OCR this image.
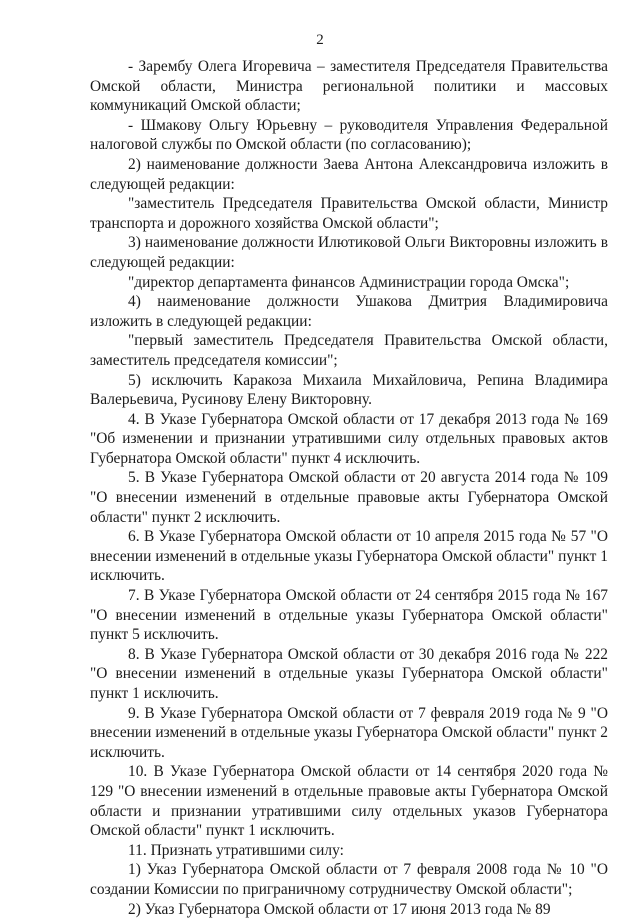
2

- Зарембу Олега Игоревича – заместителя Председателя Правительства Омской области, Министра региональной политики и массовых коммуникаций Омской области;

- Шмакову Ольгу Юрьевну – руководителя Управления Федеральной налоговой службы по Омской области (по согласованию);

2) наименование должности Заева Антона Александровича изложить в следующей редакции:

"заместитель Председателя Правительства Омской области, Министр транспорта и дорожного хозяйства Омской области";

3) наименование должности Илютиковой Ольги Викторовны изложить в следующей редакции:

"директор департамента финансов Администрации города Омска";

4) наименование должности Ушакова Дмитрия Владимировича изложить в следующей редакции:

"первый заместитель Председателя Правительства Омской области, заместитель председателя комиссии";

5) исключить Каракоза Михаила Михайловича, Репина Владимира Валерьевича, Русинову Елену Викторовну.

4. В Указе Губернатора Омской области от 17 декабря 2013 года № 169 "Об изменении и признании утратившими силу отдельных правовых актов Губернатора Омской области" пункт 4 исключить.

5. В Указе Губернатора Омской области от 20 августа 2014 года № 109 "О внесении изменений в отдельные правовые акты Губернатора Омской области" пункт 2 исключить.

6. В Указе Губернатора Омской области от 10 апреля 2015 года № 57 "О внесении изменений в отдельные указы Губернатора Омской области" пункт 1 исключить.

7. В Указе Губернатора Омской области от 24 сентября 2015 года № 167 "О внесении изменений в отдельные указы Губернатора Омской области" пункт 5 исключить.

8. В Указе Губернатора Омской области от 30 декабря 2016 года № 222 "О внесении изменений в отдельные указы Губернатора Омской области" пункт 1 исключить.

9. В Указе Губернатора Омской области от 7 февраля 2019 года № 9 "О внесении изменений в отдельные указы Губернатора Омской области" пункт 2 исключить.

10. В Указе Губернатора Омской области от 14 сентября 2020 года № 129 "О внесении изменений в отдельные правовые акты Губернатора Омской области и признании утратившими силу отдельных указов Губернатора Омской области" пункт 1 исключить.

11. Признать утратившими силу:

1) Указ Губернатора Омской области от 7 февраля 2008 года № 10 "О создании Комиссии по приграничному сотрудничеству Омской области";

2) Указ Губернатора Омской области от 17 июня 2013 года № 89
